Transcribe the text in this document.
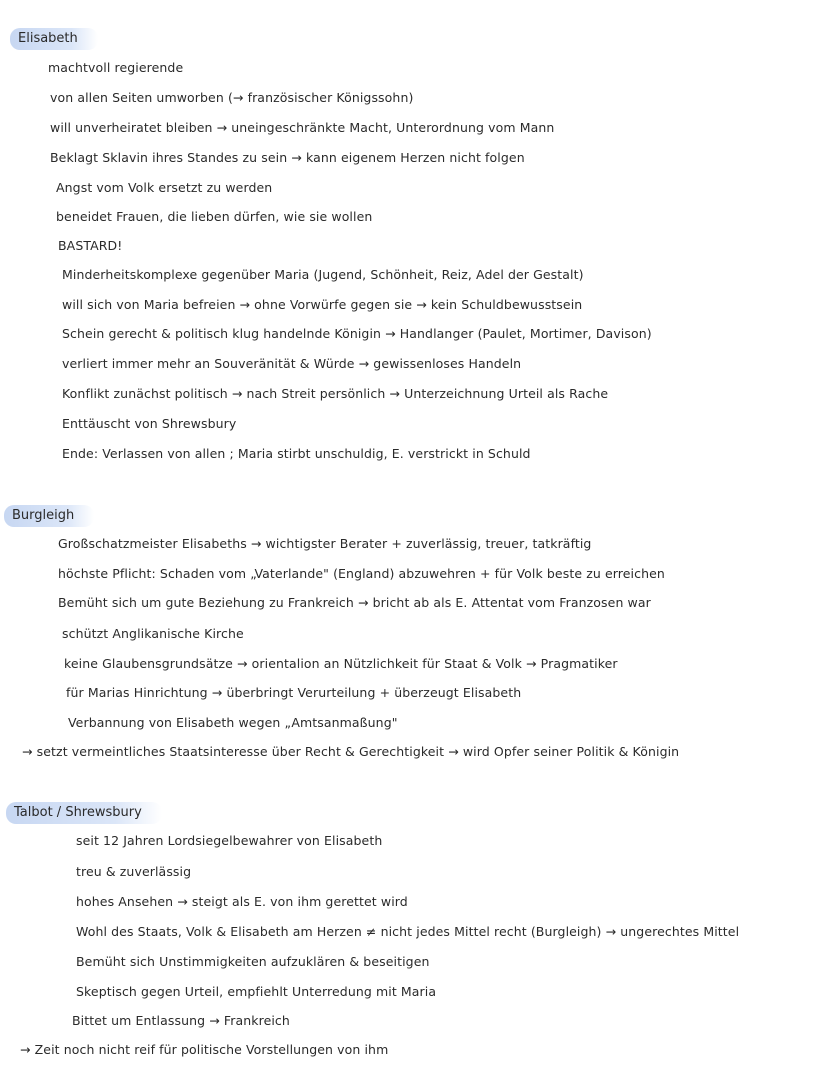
Elisabeth
machtvoll regierende
von allen Seiten umworben (→ französischer Königssohn)
will unverheiratet bleiben → uneingeschränkte Macht, Unterordnung vom Mann
Beklagt Sklavin ihres Standes zu sein → kann eigenem Herzen nicht folgen
Angst vom Volk ersetzt zu werden
beneidet Frauen, die lieben dürfen, wie sie wollen
BASTARD!
Minderheitskomplexe gegenüber Maria (Jugend, Schönheit, Reiz, Adel der Gestalt)
will sich von Maria befreien → ohne Vorwürfe gegen sie → kein Schuldbewusstsein
Schein gerecht & politisch klug handelnde Königin → Handlanger (Paulet, Mortimer, Davison)
verliert immer mehr an Souveränität & Würde → gewissenloses Handeln
Konflikt zunächst politisch → nach Streit persönlich → Unterzeichnung Urteil als Rache
Enttäuscht von Shrewsbury
Ende: Verlassen von allen ; Maria stirbt unschuldig, E. verstrickt in Schuld
Burgleigh
Großschatzmeister Elisabeths → wichtigster Berater + zuverlässig, treuer, tatkräftig
höchste Pflicht: Schaden vom „Vaterlande" (England) abzuwehren + für Volk beste zu erreichen
Bemüht sich um gute Beziehung zu Frankreich → bricht ab als E. Attentat vom Franzosen war
schützt Anglikanische Kirche
keine Glaubensgrundsätze → orientalion an Nützlichkeit für Staat & Volk → Pragmatiker
für Marias Hinrichtung → überbringt Verurteilung + überzeugt Elisabeth
Verbannung von Elisabeth wegen „Amtsanmaßung"
→ setzt vermeintliches Staatsinteresse über Recht & Gerechtigkeit → wird Opfer seiner Politik & Königin
Talbot / Shrewsbury
seit 12 Jahren Lordsiegelbewahrer von Elisabeth
treu & zuverlässig
hohes Ansehen → steigt als E. von ihm gerettet wird
Wohl des Staats, Volk & Elisabeth am Herzen ≠ nicht jedes Mittel recht (Burgleigh) → ungerechtes Mittel
Bemüht sich Unstimmigkeiten aufzuklären & beseitigen
Skeptisch gegen Urteil, empfiehlt Unterredung mit Maria
Bittet um Entlassung → Frankreich
→ Zeit noch nicht reif für politische Vorstellungen von ihm
